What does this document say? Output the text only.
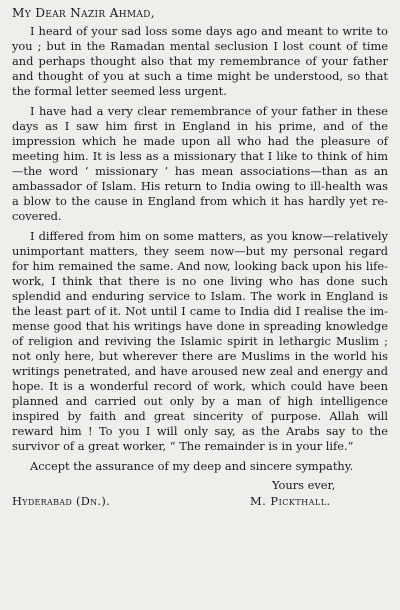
My Dear Nazir Ahmad,

I heard of your sad loss some days ago and meant to write to you ; but in the Ramadan mental seclusion I lost count of time and perhaps thought also that my remembrance of your father and thought of you at such a time might be understood, so that the formal letter seemed less urgent.

I have had a very clear remembrance of your father in these days as I saw him first in England in his prime, and of the impression which he made upon all who had the pleasure of meeting him. It is less as a missionary that I like to think of him—the word ‘ missionary ’ has mean associations—than as an ambassador of Islam. His return to India owing to ill-health was a blow to the cause in England from which it has hardly yet re-covered.

I differed from him on some matters, as you know—relatively unimportant matters, they seem now—but my personal regard for him remained the same. And now, looking back upon his life-work, I think that there is no one living who has done such splendid and enduring service to Islam. The work in England is the least part of it. Not until I came to India did I realise the im-mense good that his writings have done in spreading knowledge of religion and reviving the Islamic spirit in lethargic Muslim ; not only here, but wherever there are Muslims in the world his writings penetrated, and have aroused new zeal and energy and hope. It is a wonderful record of work, which could have been planned and carried out only by a man of high intelligence inspired by faith and great sincerity of purpose. Allah will reward him ! To you I will only say, as the Arabs say to the survivor of a great worker, “ The remainder is in your life.”

Accept the assurance of my deep and sincere sympathy.

Yours ever,
Hyderabad (Dn.).	M. Pickthall.
